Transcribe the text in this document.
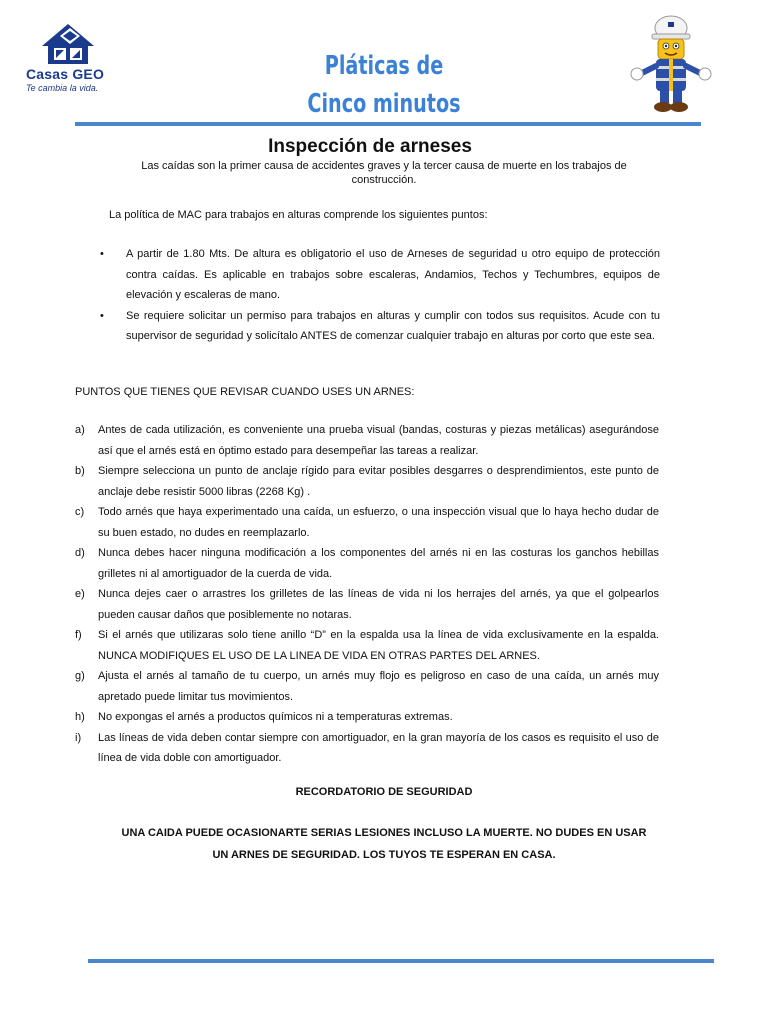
Casas GEO
Te cambia la vida.
Pláticas de
Cinco minutos
Inspección de arneses
Las caídas son la primer causa de accidentes graves y la tercer causa de muerte en los trabajos de construcción.
La política de MAC para trabajos en alturas comprende los siguientes puntos:
• A partir de 1.80 Mts. De altura es obligatorio el uso de Arneses de seguridad u otro equipo de protección contra caídas. Es aplicable en trabajos sobre escaleras, Andamios, Techos y Techumbres, equipos de elevación y escaleras de mano.
• Se requiere solicitar un permiso para trabajos en alturas y cumplir con todos sus requisitos. Acude con tu supervisor de seguridad y solicítalo ANTES de comenzar cualquier trabajo en alturas por corto que este sea.
PUNTOS QUE TIENES QUE REVISAR CUANDO USES UN ARNES:
a) Antes de cada utilización, es conveniente una prueba visual (bandas, costuras y piezas metálicas) asegurándose así que el arnés está en óptimo estado para desempeñar las tareas a realizar.
b) Siempre selecciona un punto de anclaje rígido para evitar posibles desgarres o desprendimientos, este punto de anclaje debe resistir 5000 libras (2268 Kg) .
c) Todo arnés que haya experimentado una caída, un esfuerzo, o una inspección visual que lo haya hecho dudar de su buen estado, no dudes en reemplazarlo.
d) Nunca debes hacer ninguna modificación a los componentes del arnés ni en las costuras los ganchos hebillas grilletes ni al amortiguador de la cuerda de vida.
e) Nunca dejes caer o arrastres los grilletes de las líneas de vida ni los herrajes del arnés, ya que el golpearlos pueden causar daños que posiblemente no notaras.
f) Si el arnés que utilizaras solo tiene anillo “D” en la espalda usa la línea de vida exclusivamente en la espalda. NUNCA MODIFIQUES EL USO DE LA LINEA DE VIDA EN OTRAS PARTES DEL ARNES.
g) Ajusta el arnés al tamaño de tu cuerpo, un arnés muy flojo es peligroso en caso de una caída, un arnés muy apretado puede limitar tus movimientos.
h) No expongas el arnés a productos químicos ni a temperaturas extremas.
i) Las líneas de vida deben contar siempre con amortiguador, en la gran mayoría de los casos es requisito el uso de línea de vida doble con amortiguador.
RECORDATORIO DE SEGURIDAD
UNA CAIDA PUEDE OCASIONARTE SERIAS LESIONES INCLUSO LA MUERTE. NO DUDES EN USAR UN ARNES DE SEGURIDAD. LOS TUYOS TE ESPERAN EN CASA.
